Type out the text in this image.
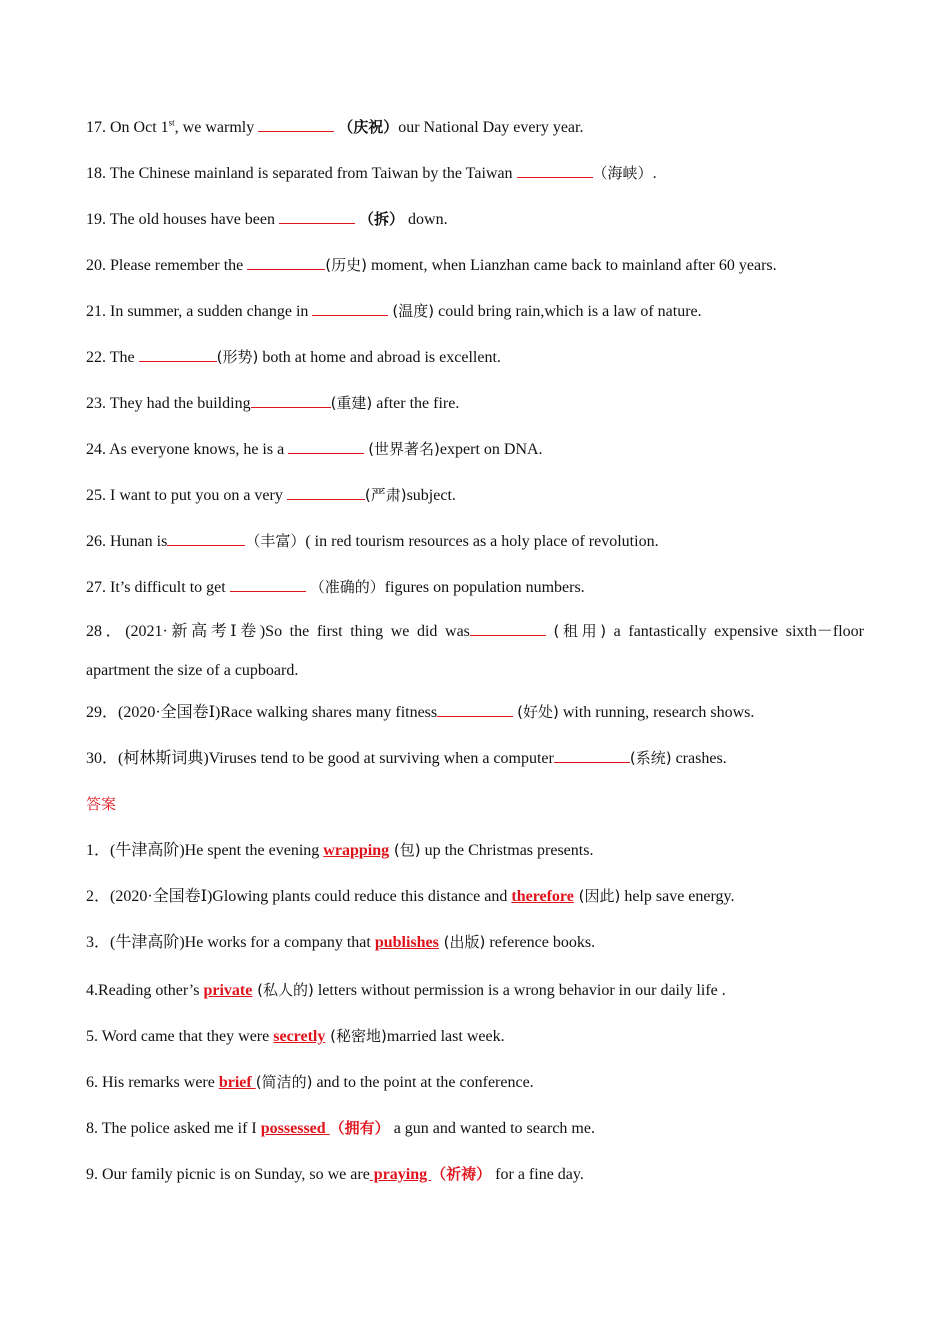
17. On Oct 1st, we warmly	（庆祝）our National Day every year.
18. The Chinese mainland is separated from Taiwan by the Taiwan	（海峡）.
19. The old houses have been	（拆） down.
20. Please remember the	(历史) moment, when Lianzhan came back to mainland after 60 years.
21. In summer, a sudden change in	(温度) could bring rain,which is a law of nature.
22. The	(形势) both at home and abroad is excellent.
23. They had the building	(重建) after the fire.
24. As everyone knows, he is a	(世界著名)expert on DNA.
25. I want to put you on a very	(严肃)subject.
26. Hunan is	（丰富）( in red tourism resources as a holy place of revolution.
27. It’s difficult to get	（准确的）figures on population numbers.
28．(2021·新高考Ⅰ卷)So the first thing we did was	(租用) a fantastically expensive sixth－floor
apartment the size of a cupboard.
29．(2020·全国卷Ⅰ)Race walking shares many fitness	(好处) with running, research shows.
30．(柯林斯词典)Viruses tend to be good at surviving when a computer	(系统) crashes.
答案
1．(牛津高阶)He spent the evening wrapping (包) up the Christmas presents.
2．(2020·全国卷Ⅰ)Glowing plants could reduce this distance and therefore (因此) help save energy.
3．(牛津高阶)He works for a company that publishes (出版) reference books.
4.Reading other’s private (私人的) letters without permission is a wrong behavior in our daily life .
5. Word came that they were secretly (秘密地)married last week.
6. His remarks were brief (简洁的) and to the point at the conference.
8. The police asked me if I possessed （拥有） a gun and wanted to search me.
9. Our family picnic is on Sunday, so we are praying （祈祷） for a fine day.
